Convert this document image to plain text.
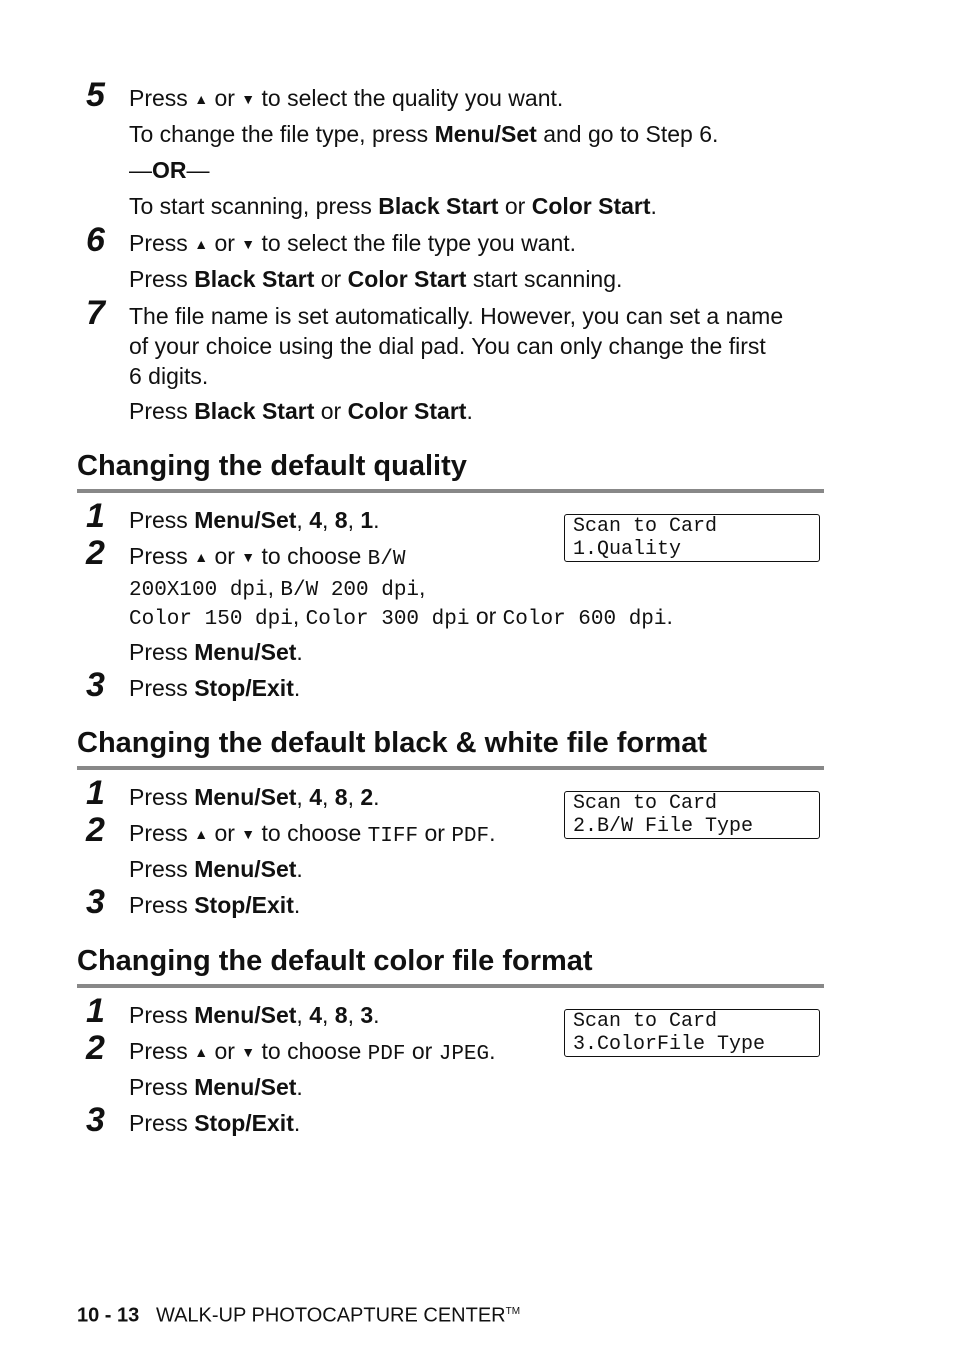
5 Press ▲ or ▼ to select the quality you want.
To change the file type, press Menu/Set and go to Step 6.
—OR—
To start scanning, press Black Start or Color Start.
6 Press ▲ or ▼ to select the file type you want.
Press Black Start or Color Start start scanning.
7 The file name is set automatically. However, you can set a name
of your choice using the dial pad. You can only change the first
6 digits.
Press Black Start or Color Start.
Changing the default quality
Scan to Card
1.Quality
1 Press Menu/Set, 4, 8, 1.
2 Press ▲ or ▼ to choose B/W
200X100 dpi, B/W 200 dpi,
Color 150 dpi, Color 300 dpi or Color 600 dpi.
Press Menu/Set.
3 Press Stop/Exit.
Changing the default black & white file format
Scan to Card
2.B/W File Type
1 Press Menu/Set, 4, 8, 2.
2 Press ▲ or ▼ to choose TIFF or PDF.
Press Menu/Set.
3 Press Stop/Exit.
Changing the default color file format
Scan to Card
3.ColorFile Type
1 Press Menu/Set, 4, 8, 3.
2 Press ▲ or ▼ to choose PDF or JPEG.
Press Menu/Set.
3 Press Stop/Exit.
10 - 13 WALK-UP PHOTOCAPTURE CENTER™
